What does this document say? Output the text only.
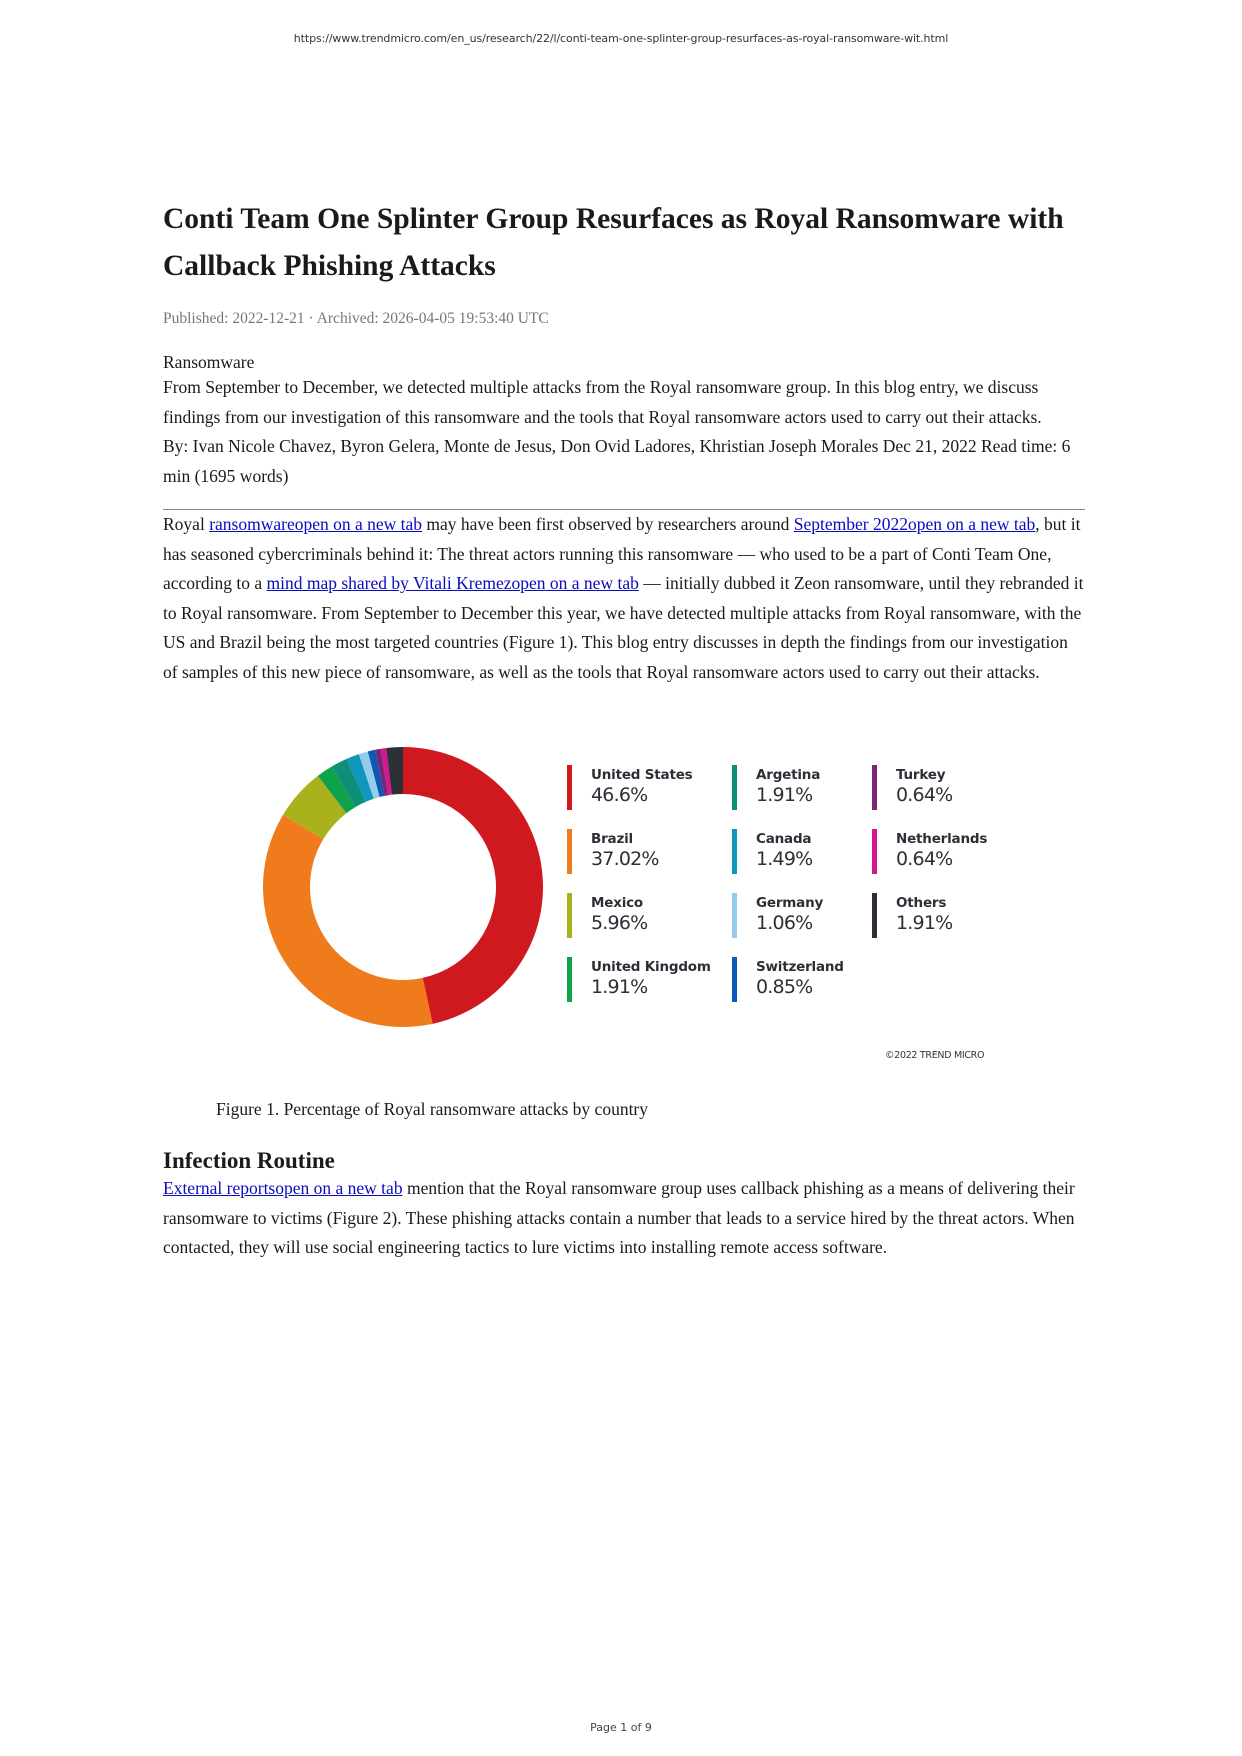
https://www.trendmicro.com/en_us/research/22/l/conti-team-one-splinter-group-resurfaces-as-royal-ransomware-wit.html
Conti Team One Splinter Group Resurfaces as Royal Ransomware with Callback Phishing Attacks
Published: 2022-12-21 · Archived: 2026-04-05 19:53:40 UTC
Ransomware

From September to December, we detected multiple attacks from the Royal ransomware group. In this blog entry, we discuss findings from our investigation of this ransomware and the tools that Royal ransomware actors used to carry out their attacks.

By: Ivan Nicole Chavez, Byron Gelera, Monte de Jesus, Don Ovid Ladores, Khristian Joseph Morales Dec 21, 2022 Read time: 6 min (1695 words)

Royal ransomwareopen on a new tab may have been first observed by researchers around September 2022open on a new tab, but it has seasoned cybercriminals behind it: The threat actors running this ransomware — who used to be a part of Conti Team One, according to a mind map shared by Vitali Kremezopen on a new tab — initially dubbed it Zeon ransomware, until they rebranded it to Royal ransomware. From September to December this year, we have detected multiple attacks from Royal ransomware, with the US and Brazil being the most targeted countries (Figure 1). This blog entry discusses in depth the findings from our investigation of samples of this new piece of ransomware, as well as the tools that Royal ransomware actors used to carry out their attacks.

United States
46.6%
Brazil
37.02%
Mexico
5.96%
United Kingdom
1.91%
Argetina
1.91%
Canada
1.49%
Germany
1.06%
Switzerland
0.85%
Turkey
0.64%
Netherlands
0.64%
Others
1.91%
©2022 TREND MICRO
Figure 1. Percentage of Royal ransomware attacks by country
Infection Routine

External reportsopen on a new tab mention that the Royal ransomware group uses callback phishing as a means of delivering their ransomware to victims (Figure 2). These phishing attacks contain a number that leads to a service hired by the threat actors. When contacted, they will use social engineering tactics to lure victims into installing remote access software.

Page 1 of 9
